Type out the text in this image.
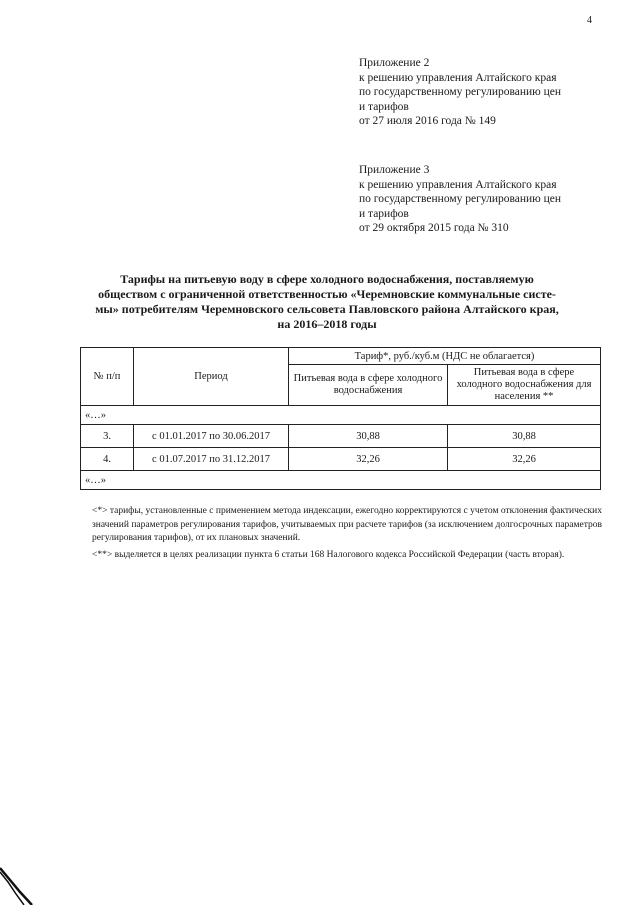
4
Приложение 2
к решению управления Алтайского края
по государственному регулированию цен
и тарифов
от 27 июля 2016 года № 149
Приложение 3
к решению управления Алтайского края
по государственному регулированию цен
и тарифов
от 29 октября 2015 года № 310
Тарифы на питьевую воду в сфере холодного водоснабжения, поставляемую
обществом с ограниченной ответственностью «Черемновские коммунальные систе-
мы» потребителям Черемновского сельсовета Павловского района Алтайского края,
на 2016–2018 годы
№ п/п	Период	Тариф*, руб./куб.м (НДС не облагается)	
		Питьевая вода в сфере холодного водоснабжения	Питьевая вода в сфере холодного водоснабжения для населения **
«…»			
3.	с 01.01.2017 по 30.06.2017	30,88	30,88
4.	с 01.07.2017 по 31.12.2017	32,26	32,26
«…»			

<*> тарифы, установленные с применением метода индексации, ежегодно корректируются с учетом отклонения фактических значений параметров регулирования тарифов, учитываемых при расчете тарифов (за исключением долгосрочных параметров регулирования тарифов), от их плановых значений.

<**> выделяется в целях реализации пункта 6 статьи 168 Налогового кодекса Российской Федерации (часть вторая).
